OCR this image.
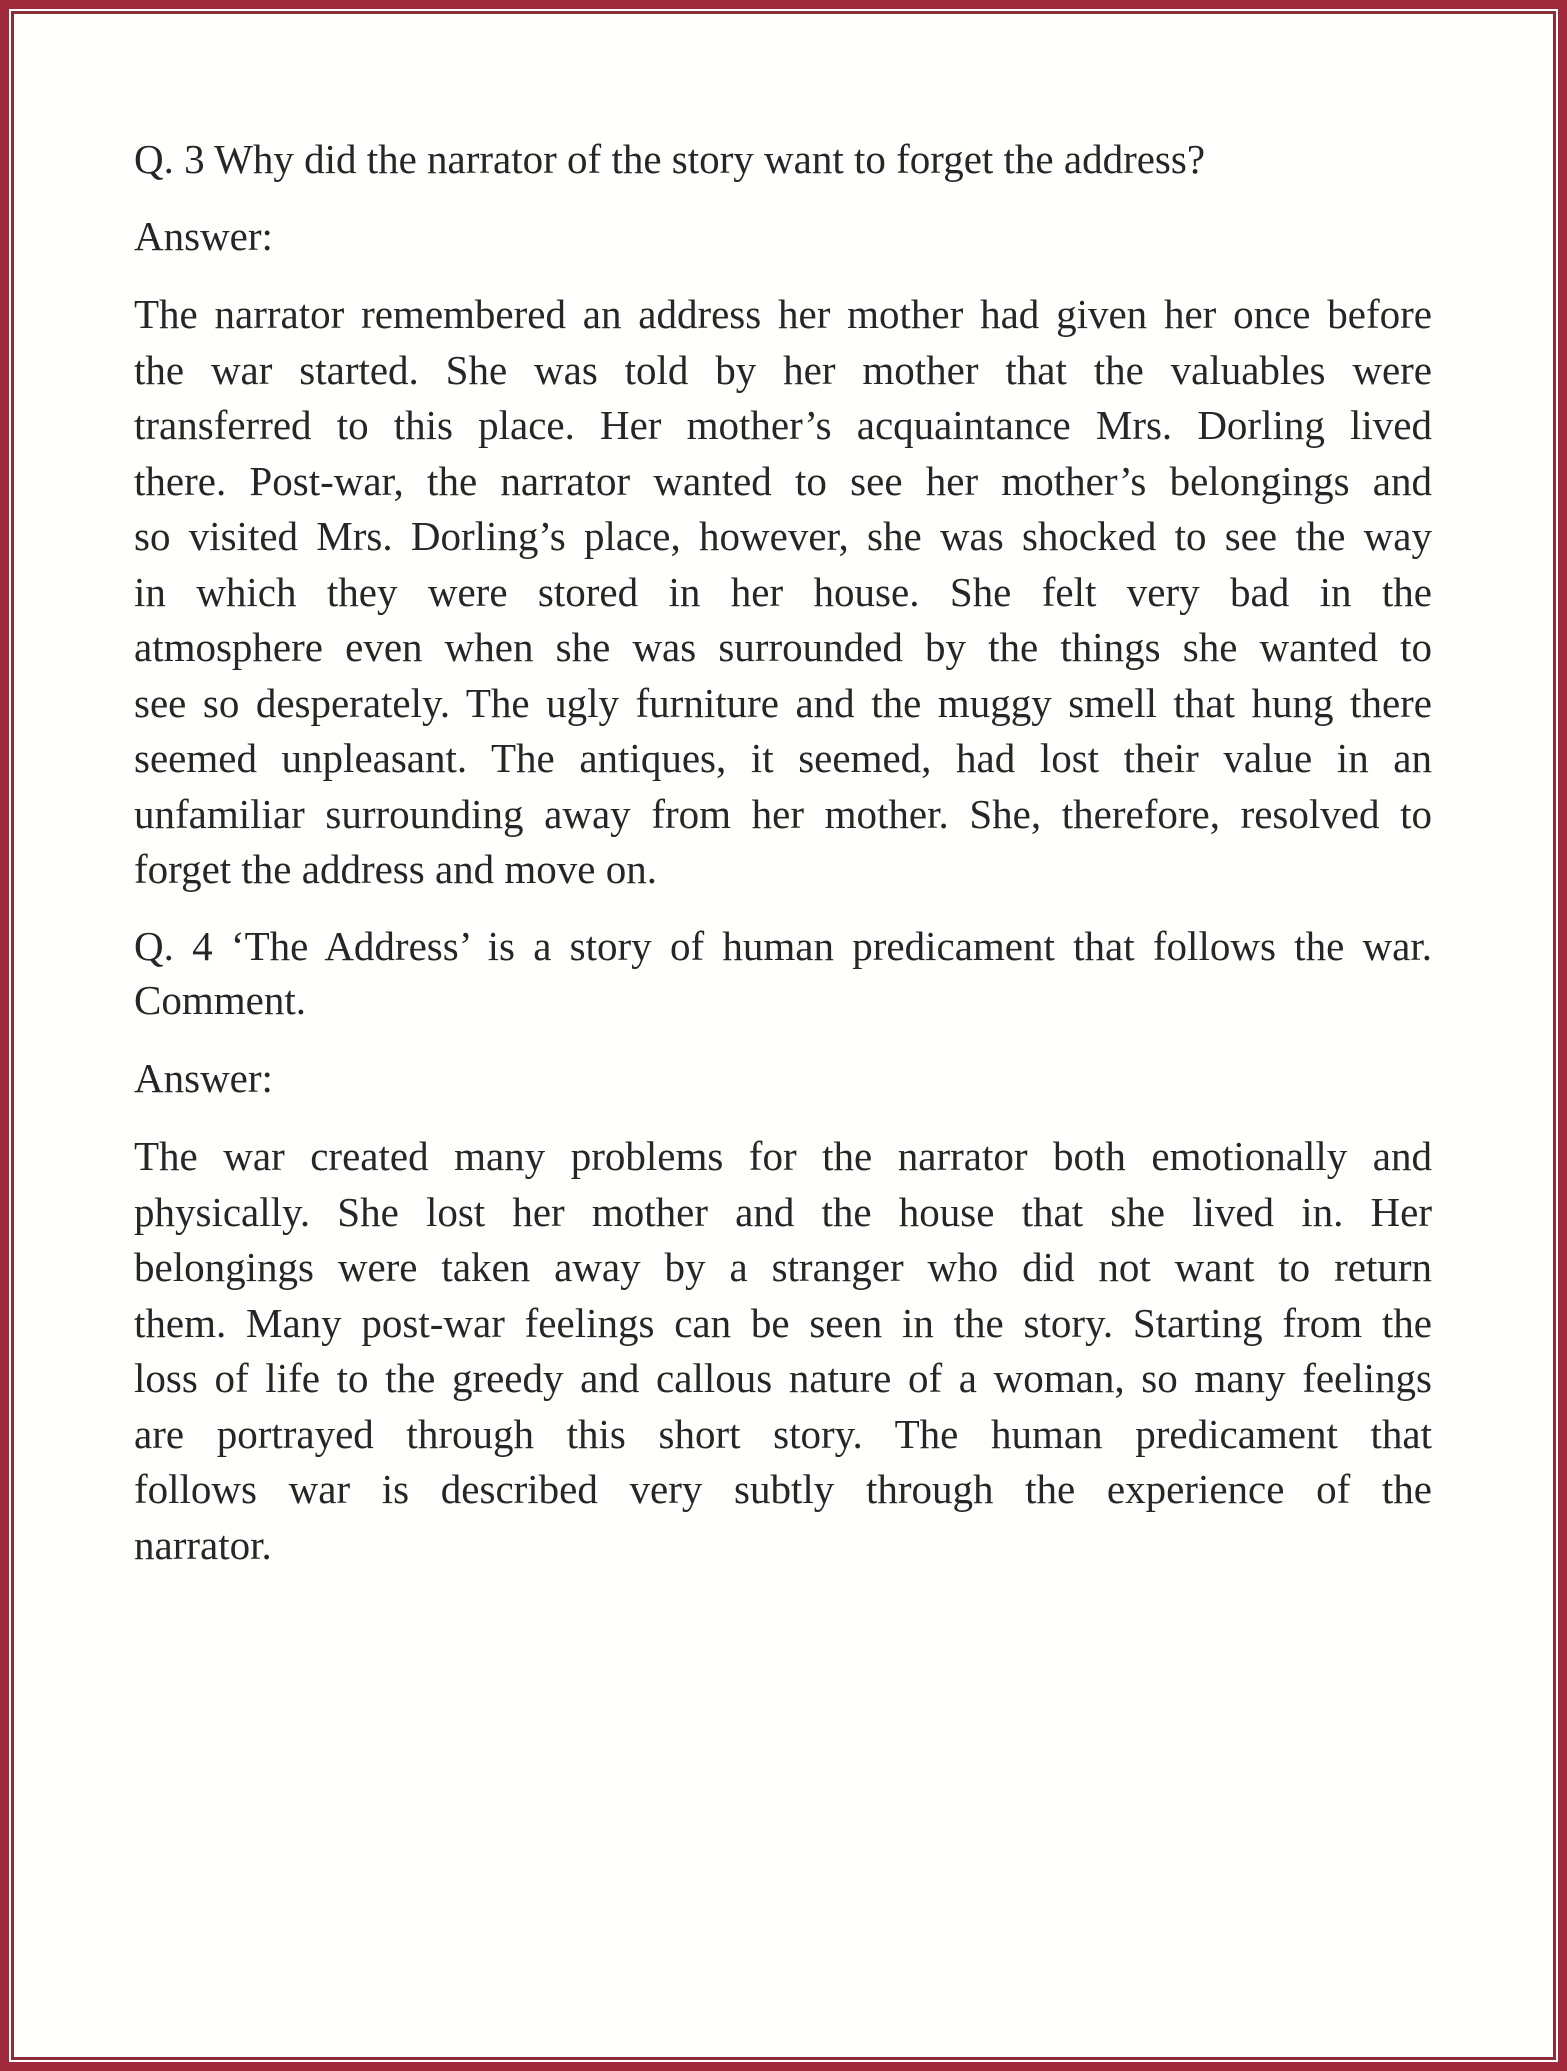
Q. 3 Why did the narrator of the story want to forget the address?
Answer:
The narrator remembered an address her mother had given her once before
the war started. She was told by her mother that the valuables were
transferred to this place. Her mother’s acquaintance Mrs. Dorling lived
there. Post-war, the narrator wanted to see her mother’s belongings and
so visited Mrs. Dorling’s place, however, she was shocked to see the way
in which they were stored in her house. She felt very bad in the
atmosphere even when she was surrounded by the things she wanted to
see so desperately. The ugly furniture and the muggy smell that hung there
seemed unpleasant. The antiques, it seemed, had lost their value in an
unfamiliar surrounding away from her mother. She, therefore, resolved to
forget the address and move on.
Q. 4 ‘The Address’ is a story of human predicament that follows the war.
Comment.
Answer:
The war created many problems for the narrator both emotionally and
physically. She lost her mother and the house that she lived in. Her
belongings were taken away by a stranger who did not want to return
them. Many post-war feelings can be seen in the story. Starting from the
loss of life to the greedy and callous nature of a woman, so many feelings
are portrayed through this short story. The human predicament that
follows war is described very subtly through the experience of the
narrator.
